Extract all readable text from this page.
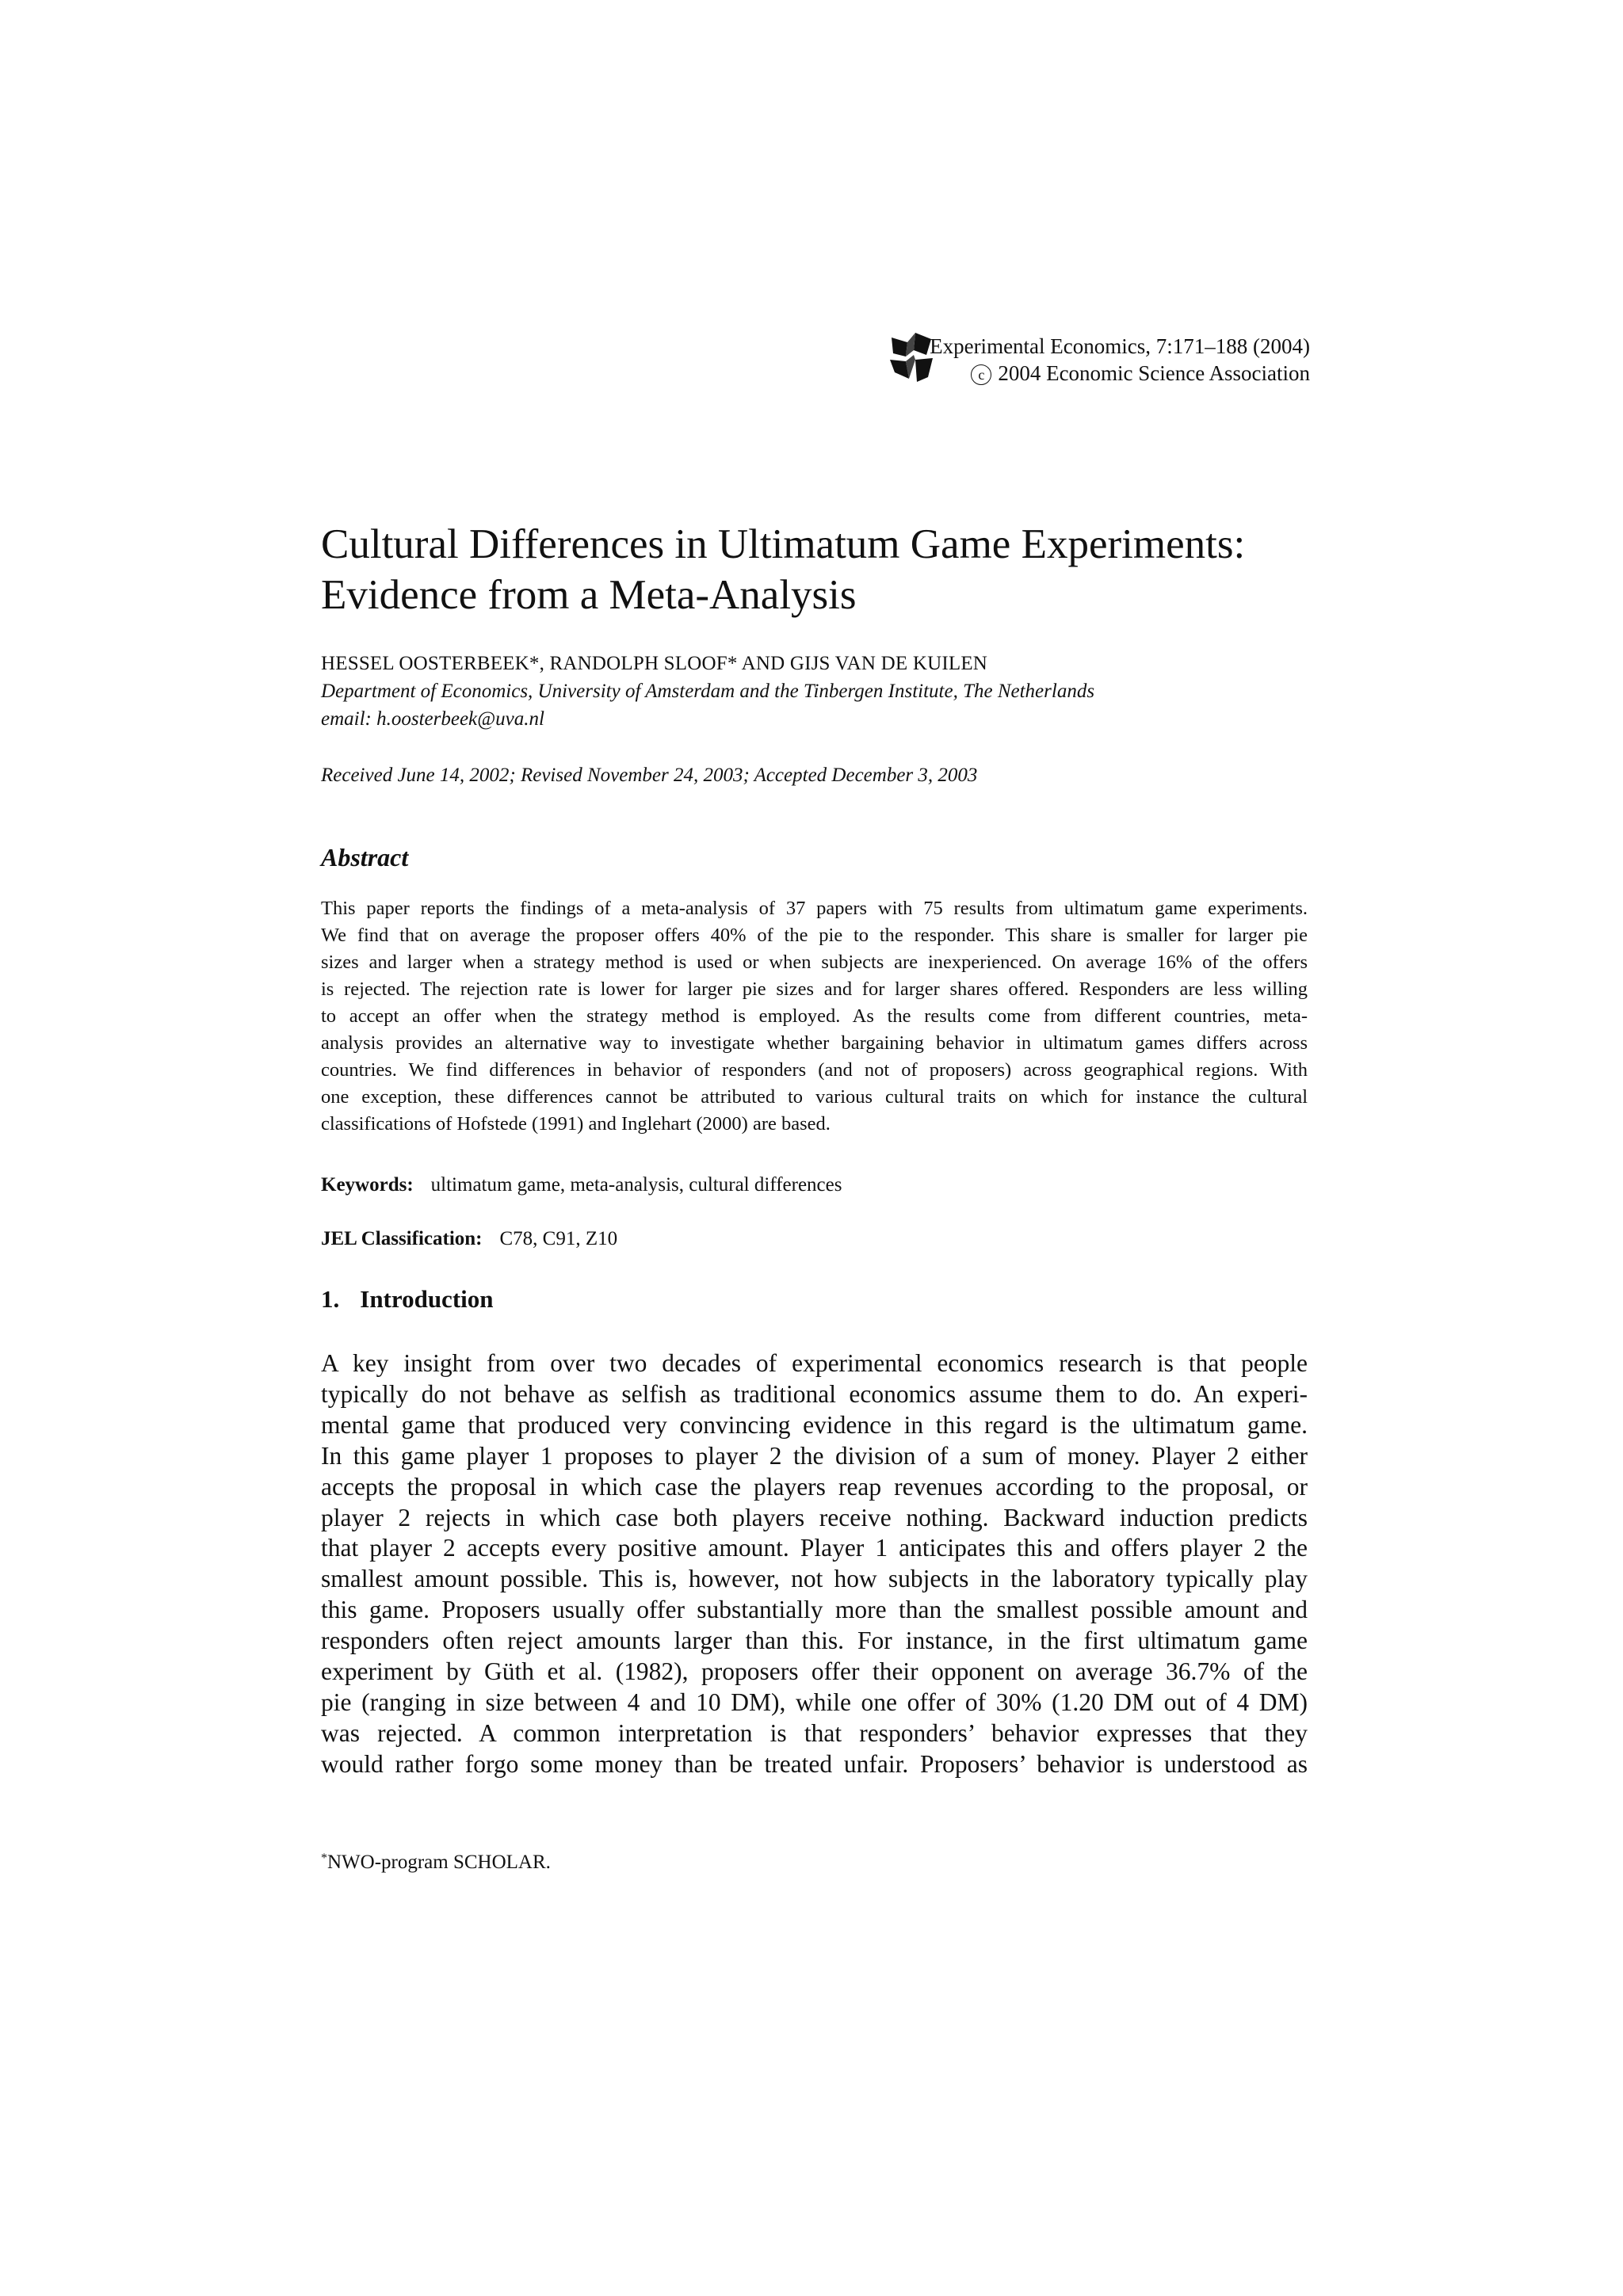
Experimental Economics, 7:171–188 (2004)
c 2004 Economic Science Association
Cultural Differences in Ultimatum Game Experiments:
Evidence from a Meta-Analysis
HESSEL OOSTERBEEK*, RANDOLPH SLOOF* AND GIJS VAN DE KUILEN
Department of Economics, University of Amsterdam and the Tinbergen Institute, The Netherlands
email: h.oosterbeek@uva.nl
Received June 14, 2002; Revised November 24, 2003; Accepted December 3, 2003
Abstract
This paper reports the findings of a meta-analysis of 37 papers with 75 results from ultimatum game experiments.
We find that on average the proposer offers 40% of the pie to the responder. This share is smaller for larger pie
sizes and larger when a strategy method is used or when subjects are inexperienced. On average 16% of the offers
is rejected. The rejection rate is lower for larger pie sizes and for larger shares offered. Responders are less willing
to accept an offer when the strategy method is employed. As the results come from different countries, meta-
analysis provides an alternative way to investigate whether bargaining behavior in ultimatum games differs across
countries. We find differences in behavior of responders (and not of proposers) across geographical regions. With
one exception, these differences cannot be attributed to various cultural traits on which for instance the cultural
classifications of Hofstede (1991) and Inglehart (2000) are based.
Keywords: ultimatum game, meta-analysis, cultural differences
JEL Classification: C78, C91, Z10
1. Introduction
A key insight from over two decades of experimental economics research is that people
typically do not behave as selfish as traditional economics assume them to do. An experi-
mental game that produced very convincing evidence in this regard is the ultimatum game.
In this game player 1 proposes to player 2 the division of a sum of money. Player 2 either
accepts the proposal in which case the players reap revenues according to the proposal, or
player 2 rejects in which case both players receive nothing. Backward induction predicts
that player 2 accepts every positive amount. Player 1 anticipates this and offers player 2 the
smallest amount possible. This is, however, not how subjects in the laboratory typically play
this game. Proposers usually offer substantially more than the smallest possible amount and
responders often reject amounts larger than this. For instance, in the first ultimatum game
experiment by Güth et al. (1982), proposers offer their opponent on average 36.7% of the
pie (ranging in size between 4 and 10 DM), while one offer of 30% (1.20 DM out of 4 DM)
was rejected. A common interpretation is that responders’ behavior expresses that they
would rather forgo some money than be treated unfair. Proposers’ behavior is understood as
*NWO-program SCHOLAR.
